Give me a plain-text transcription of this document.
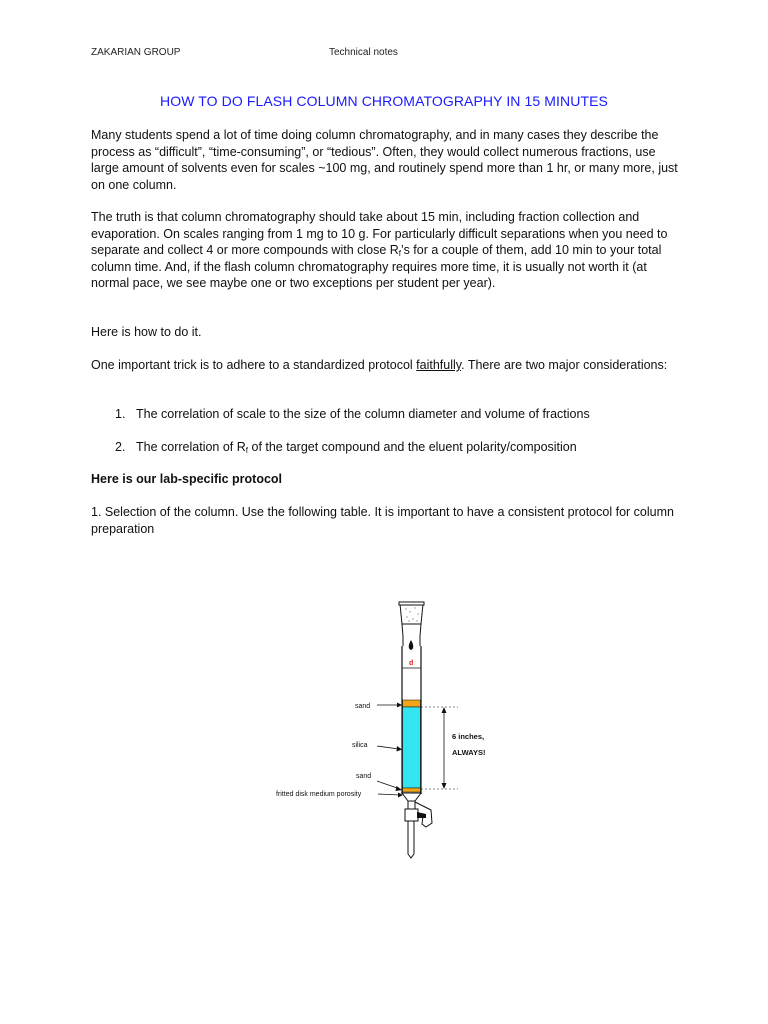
ZAKARIAN GROUP	Technical notes
HOW TO DO FLASH COLUMN CHROMATOGRAPHY IN 15 MINUTES

Many students spend a lot of time doing column chromatography, and in many cases they describe the process as “difficult”, “time-consuming”, or “tedious”. Often, they would collect numerous fractions, use large amount of solvents even for scales ~100 mg, and routinely spend more than 1 hr, or many more, just on one column.

The truth is that column chromatography should take about 15 min, including fraction collection and evaporation. On scales ranging from 1 mg to 10 g. For particularly difficult separations when you need to separate and collect 4 or more compounds with close $R_f’s$ for a couple of them, add 10 min to your total column time. And, if the flash column chromatography requires more time, it is usually not worth it (at normal pace, we see maybe one or two exceptions per student per year).

Here is how to do it.

One important trick is to adhere to a standardized protocol faithfully. There are two major considerations:

1. The correlation of scale to the size of the column diameter and volume of fractions
2. The correlation of $R_f$ of the target compound and the eluent polarity/composition

Here is our lab-specific protocol

1. Selection of the column. Use the following table. It is important to have a consistent protocol for column preparation

d
6 inches,
ALWAYS!
sand
silica
sand
fritted disk medium porosity
